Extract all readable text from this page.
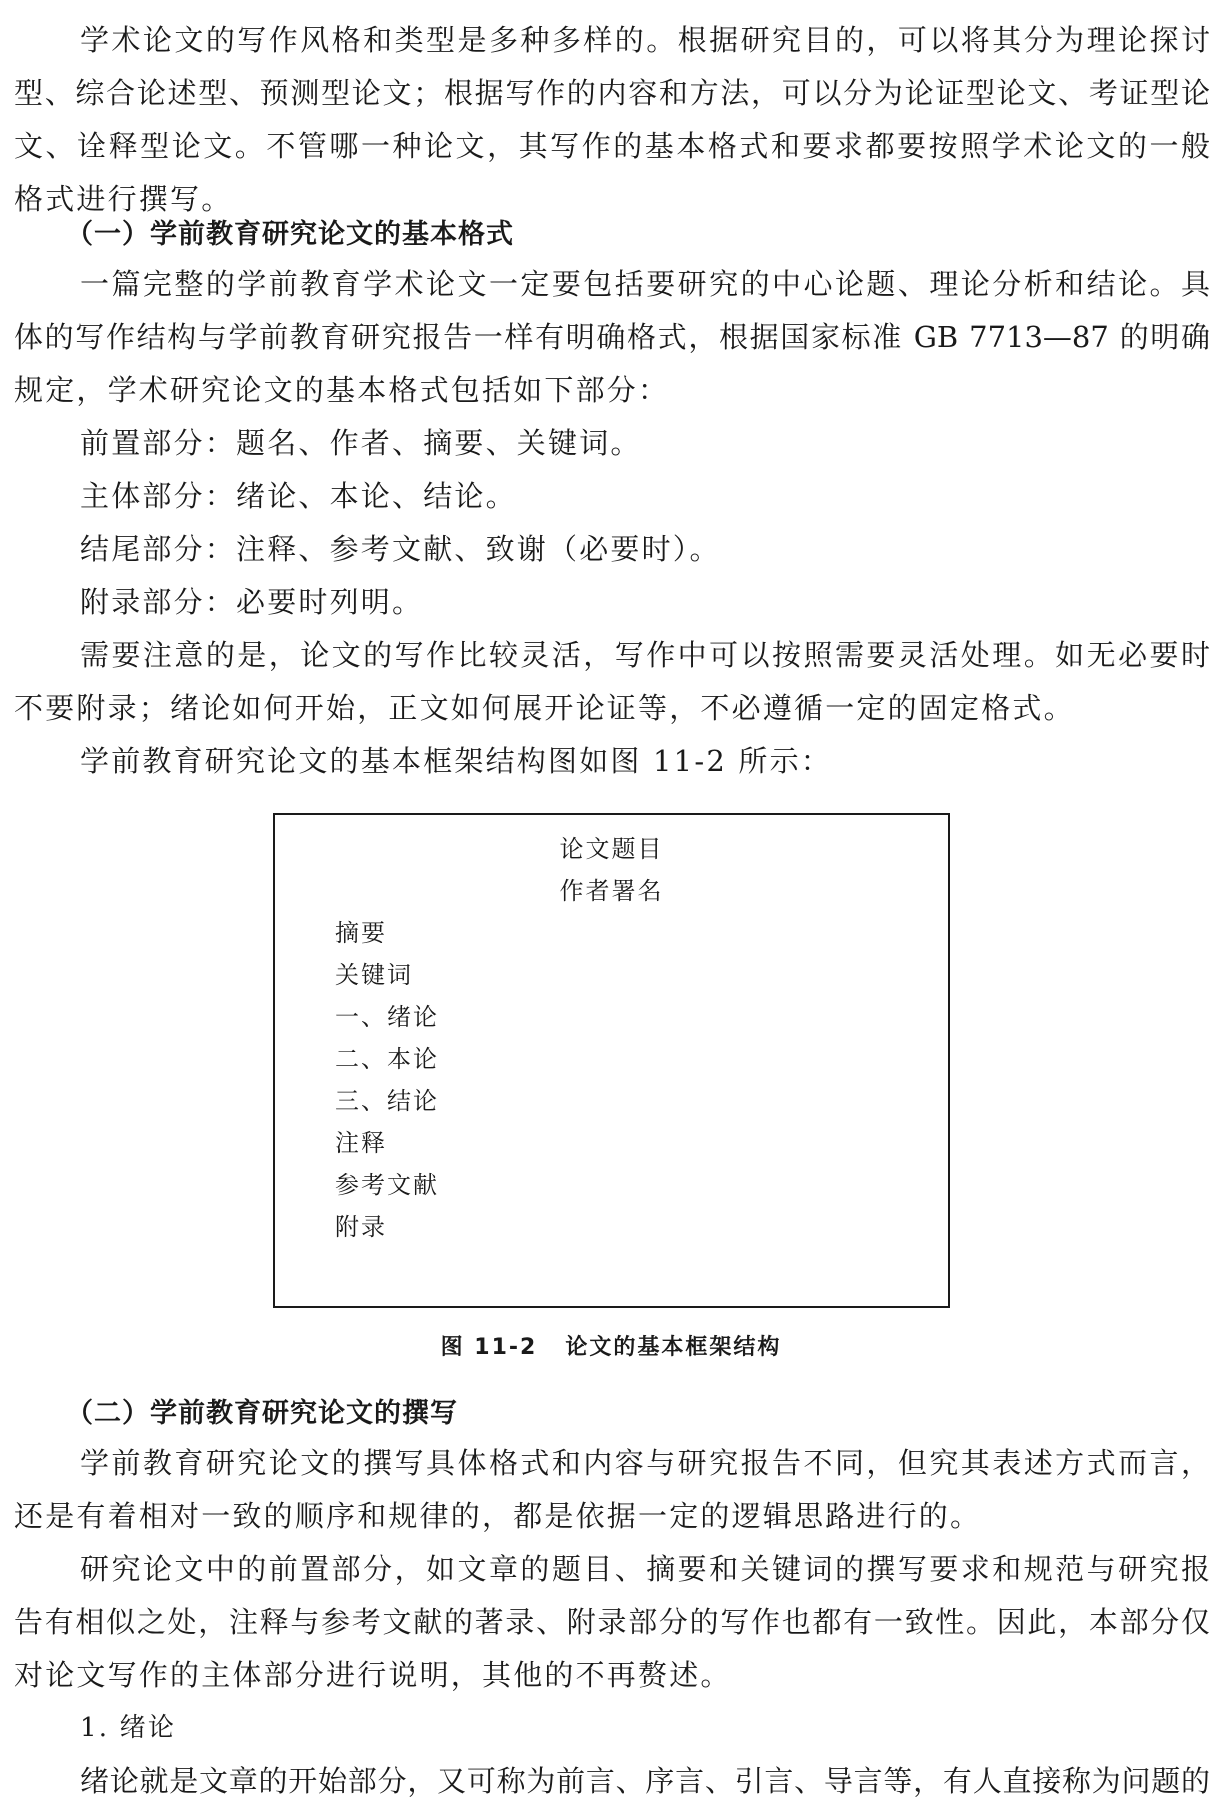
学术论文的写作风格和类型是多种多样的。根据研究目的，可以将其分为理论探讨
型、综合论述型、预测型论文；根据写作的内容和方法，可以分为论证型论文、考证型论
文、诠释型论文。不管哪一种论文，其写作的基本格式和要求都要按照学术论文的一般
格式进行撰写。
（一）学前教育研究论文的基本格式
一篇完整的学前教育学术论文一定要包括要研究的中心论题、理论分析和结论。具
体的写作结构与学前教育研究报告一样有明确格式，根据国家标准 GB 7713—87 的明确
规定，学术研究论文的基本格式包括如下部分：
前置部分：题名、作者、摘要、关键词。
主体部分：绪论、本论、结论。
结尾部分：注释、参考文献、致谢（必要时）。
附录部分：必要时列明。
需要注意的是，论文的写作比较灵活，写作中可以按照需要灵活处理。如无必要时
不要附录；绪论如何开始，正文如何展开论证等，不必遵循一定的固定格式。
学前教育研究论文的基本框架结构图如图 11-2 所示：
论文题目
作者署名
摘要
关键词
一、绪论
二、本论
三、结论
注释
参考文献
附录
图 11-2 论文的基本框架结构
（二）学前教育研究论文的撰写
学前教育研究论文的撰写具体格式和内容与研究报告不同，但究其表述方式而言，
还是有着相对一致的顺序和规律的，都是依据一定的逻辑思路进行的。
研究论文中的前置部分，如文章的题目、摘要和关键词的撰写要求和规范与研究报
告有相似之处，注释与参考文献的著录、附录部分的写作也都有一致性。因此，本部分仅
对论文写作的主体部分进行说明，其他的不再赘述。
1. 绪论
绪论就是文章的开始部分，又可称为前言、序言、引言、导言等，有人直接称为问题的
